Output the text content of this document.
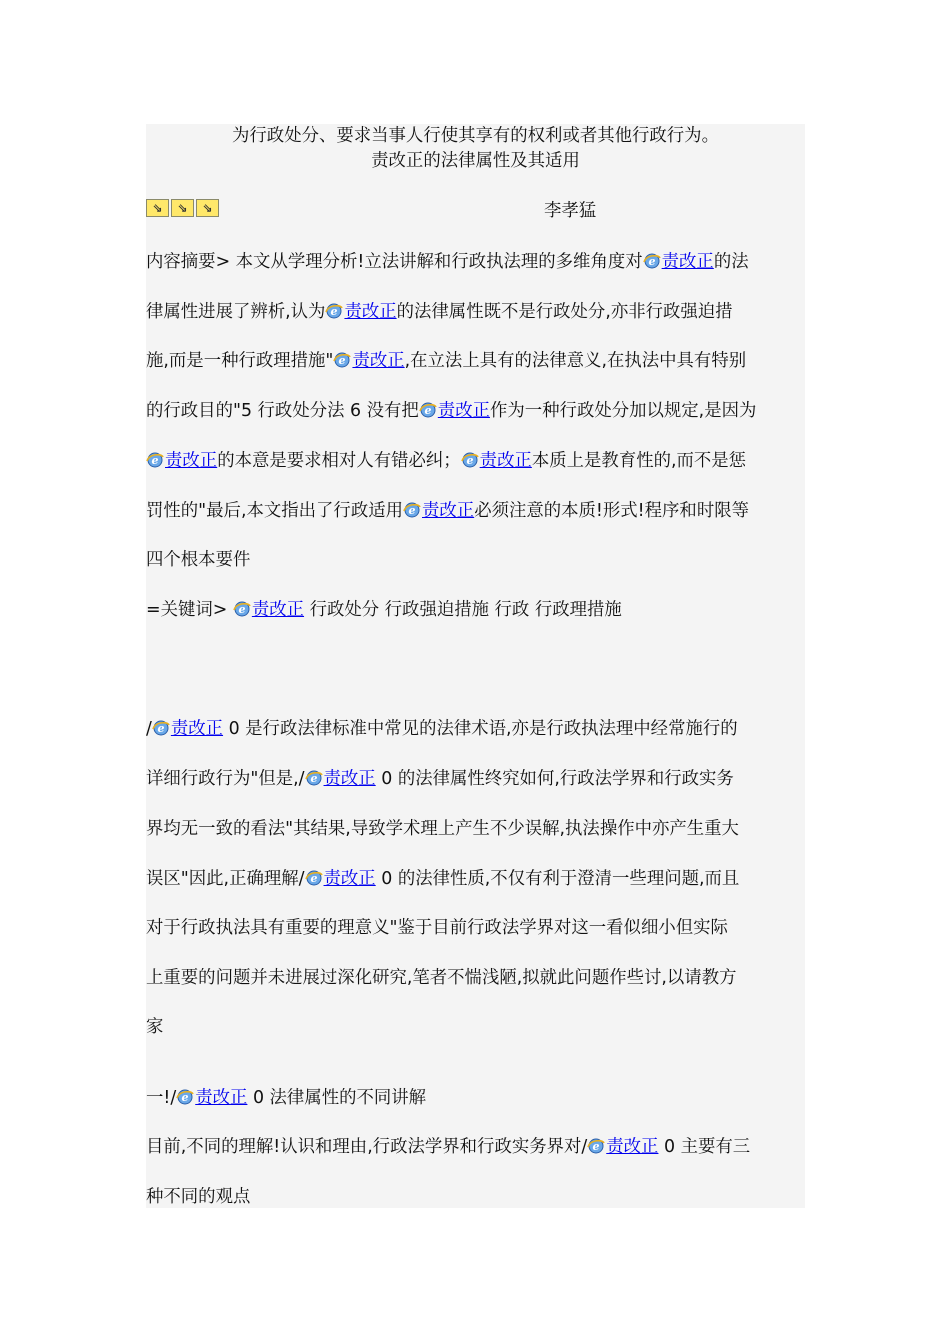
为行政处分、要求当事人行使其享有的权利或者其他行政行为。
责改正的法律属性及其适用
⇘	⇘	⇘	李孝猛
内容摘要> 本文从学理分析!立法讲解和行政执法理的多维角度对 责改正的法
律属性进展了辨析,认为 责改正的法律属性既不是行政处分,亦非行政强迫措
施,而是一种行政理措施" 责改正,在立法上具有的法律意义,在执法中具有特别
的行政目的"5 行政处分法 6 没有把 责改正作为一种行政处分加以规定,是因为
责改正的本意是要求相对人有错必纠； 责改正本质上是教育性的,而不是惩
罚性的"最后,本文指出了行政适用 责改正必须注意的本质!形式!程序和时限等
四个根本要件
=关键词> 责改正 行政处分 行政强迫措施 行政 行政理措施
/ 责改正 0 是行政法律标准中常见的法律术语,亦是行政执法理中经常施行的
详细行政行为"但是,/ 责改正 0 的法律属性终究如何,行政法学界和行政实务
界均无一致的看法"其结果,导致学术理上产生不少误解,执法操作中亦产生重大
误区"因此,正确理解/ 责改正 0 的法律性质,不仅有利于澄清一些理问题,而且
对于行政执法具有重要的理意义"鉴于目前行政法学界对这一看似细小但实际
上重要的问题并未进展过深化研究,笔者不惴浅陋,拟就此问题作些讨,以请教方
家
一!/ 责改正 0 法律属性的不同讲解
目前,不同的理解!认识和理由,行政法学界和行政实务界对/ 责改正 0 主要有三
种不同的观点
